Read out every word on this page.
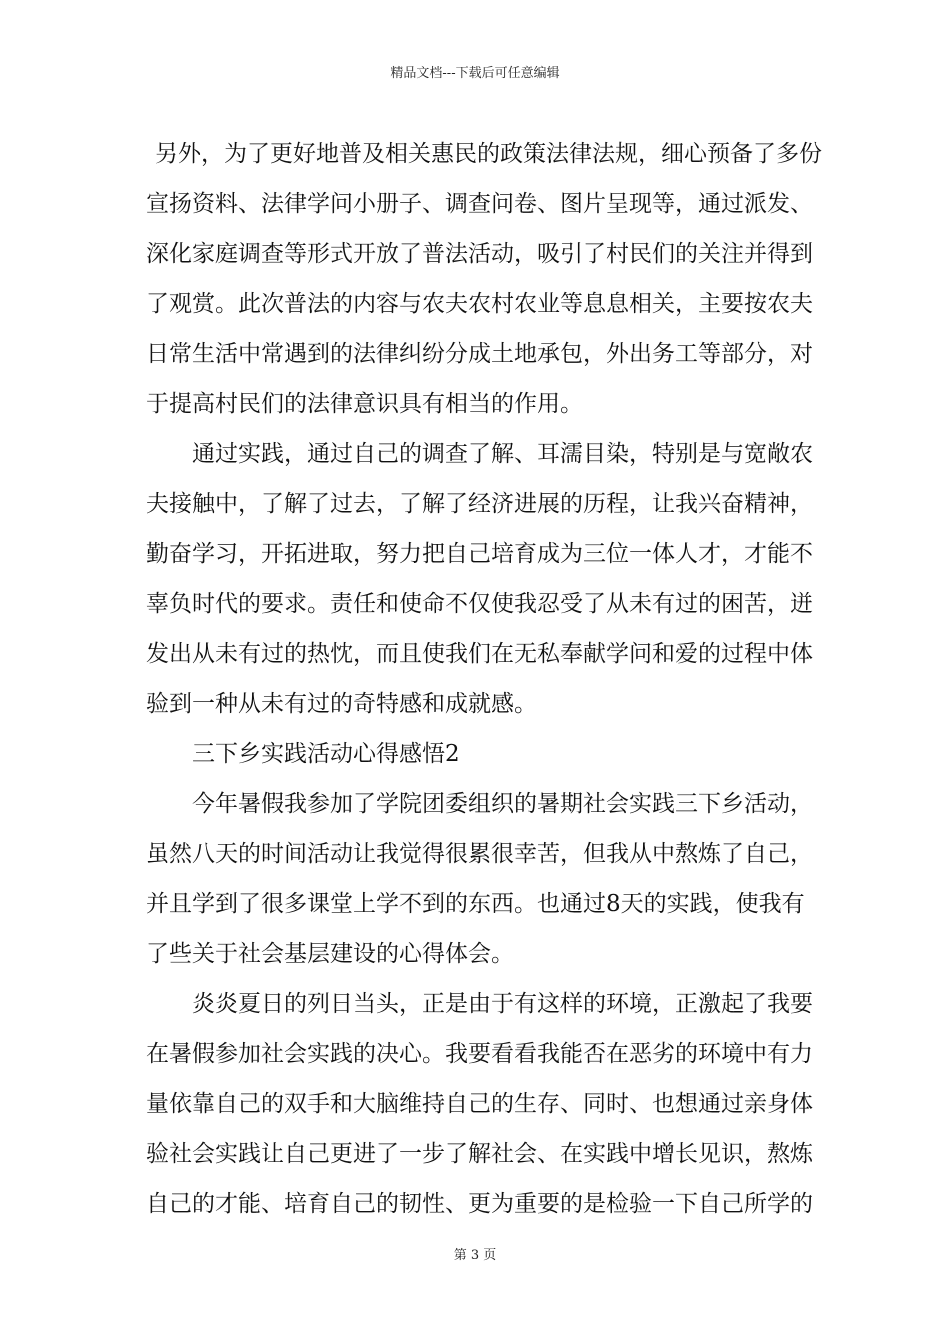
精品文档---下载后可任意编辑
另外，为了更好地普及相关惠民的政策法律法规，细心预备了多份
宣扬资料、法律学问小册子、调查问卷、图片呈现等，通过派发、
深化家庭调查等形式开放了普法活动，吸引了村民们的关注并得到
了观赏。此次普法的内容与农夫农村农业等息息相关，主要按农夫
日常生活中常遇到的法律纠纷分成土地承包，外出务工等部分，对
于提高村民们的法律意识具有相当的作用。
通过实践，通过自己的调查了解、耳濡目染，特别是与宽敞农
夫接触中，了解了过去，了解了经济进展的历程，让我兴奋精神，
勤奋学习，开拓进取，努力把自己培育成为三位一体人才，才能不
辜负时代的要求。责任和使命不仅使我忍受了从未有过的困苦，迸
发出从未有过的热忱，而且使我们在无私奉献学问和爱的过程中体
验到一种从未有过的奇特感和成就感。
三下乡实践活动心得感悟2
今年暑假我参加了学院团委组织的暑期社会实践三下乡活动，
虽然八天的时间活动让我觉得很累很幸苦，但我从中熬炼了自己，
并且学到了很多课堂上学不到的东西。也通过8天的实践，使我有
了些关于社会基层建设的心得体会。
炎炎夏日的列日当头，正是由于有这样的环境，正激起了我要
在暑假参加社会实践的决心。我要看看我能否在恶劣的环境中有力
量依靠自己的双手和大脑维持自己的生存、同时、也想通过亲身体
验社会实践让自己更进了一步了解社会、在实践中增长见识，熬炼
自己的才能、培育自己的韧性、更为重要的是检验一下自己所学的
第 3 页
